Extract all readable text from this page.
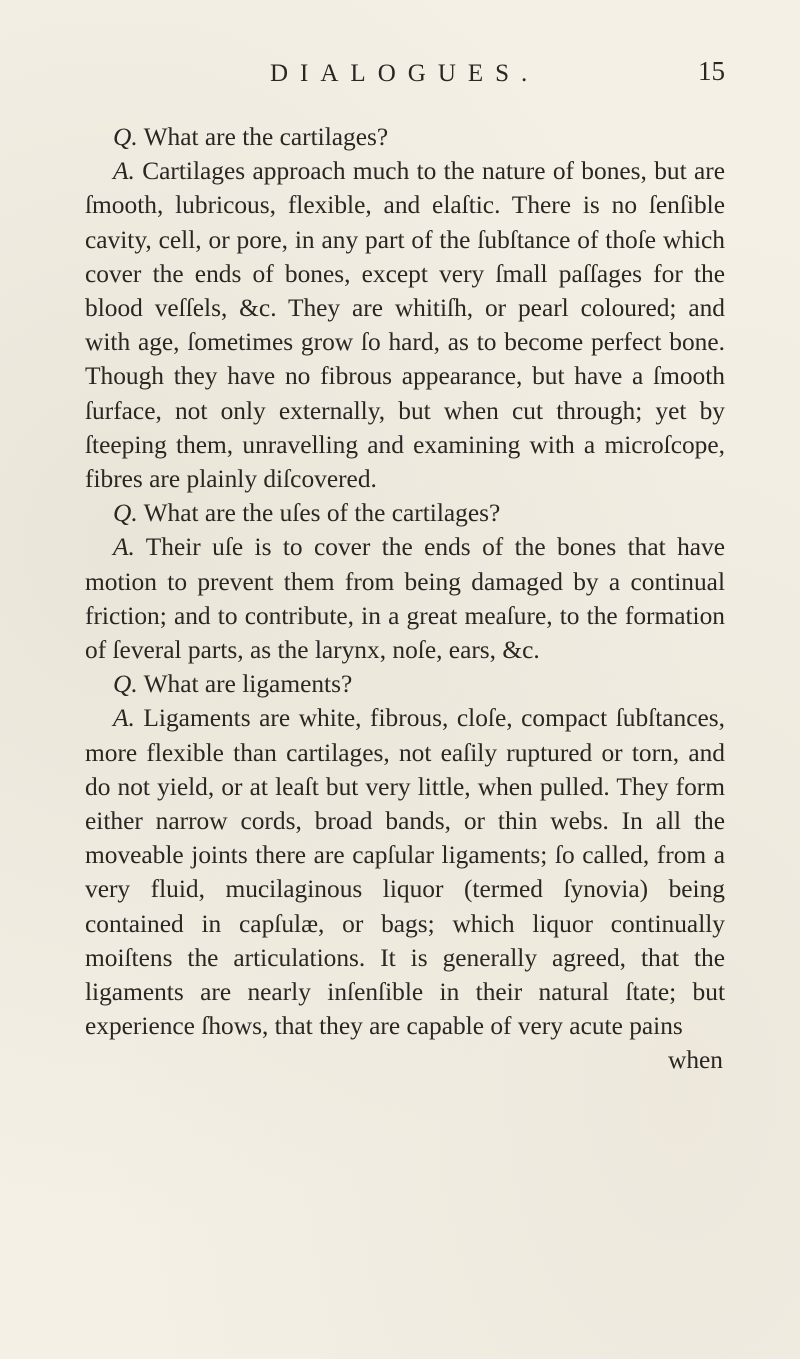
DIALOGUES.	15

Q. What are the cartilages?

A. Cartilages approach much to the nature of bones, but are ſmooth, lubricous, flexible, and elaſtic. There is no ſenſible cavity, cell, or pore, in any part of the ſubſtance of thoſe which cover the ends of bones, except very ſmall paſſages for the blood veſſels, &c. They are whitiſh, or pearl coloured; and with age, ſometimes grow ſo hard, as to become perfect bone. Though they have no fibrous appearance, but have a ſmooth ſurface, not only externally, but when cut through; yet by ſteeping them, unravelling and examining with a microſcope, fibres are plainly diſcovered.

Q. What are the uſes of the cartilages?

A. Their uſe is to cover the ends of the bones that have motion to prevent them from being damaged by a continual friction; and to contribute, in a great meaſure, to the formation of ſeveral parts, as the larynx, noſe, ears, &c.

Q. What are ligaments?

A. Ligaments are white, fibrous, cloſe, compact ſubſtances, more flexible than cartilages, not eaſily ruptured or torn, and do not yield, or at leaſt but very little, when pulled. They form either narrow cords, broad bands, or thin webs. In all the moveable joints there are capſular ligaments; ſo called, from a very fluid, mucilaginous liquor (termed ſynovia) being contained in capſulæ, or bags; which liquor continually moiſtens the articulations. It is generally agreed, that the ligaments are nearly inſenſible in their natural ſtate; but experience ſhows, that they are capable of very acute pains

when
